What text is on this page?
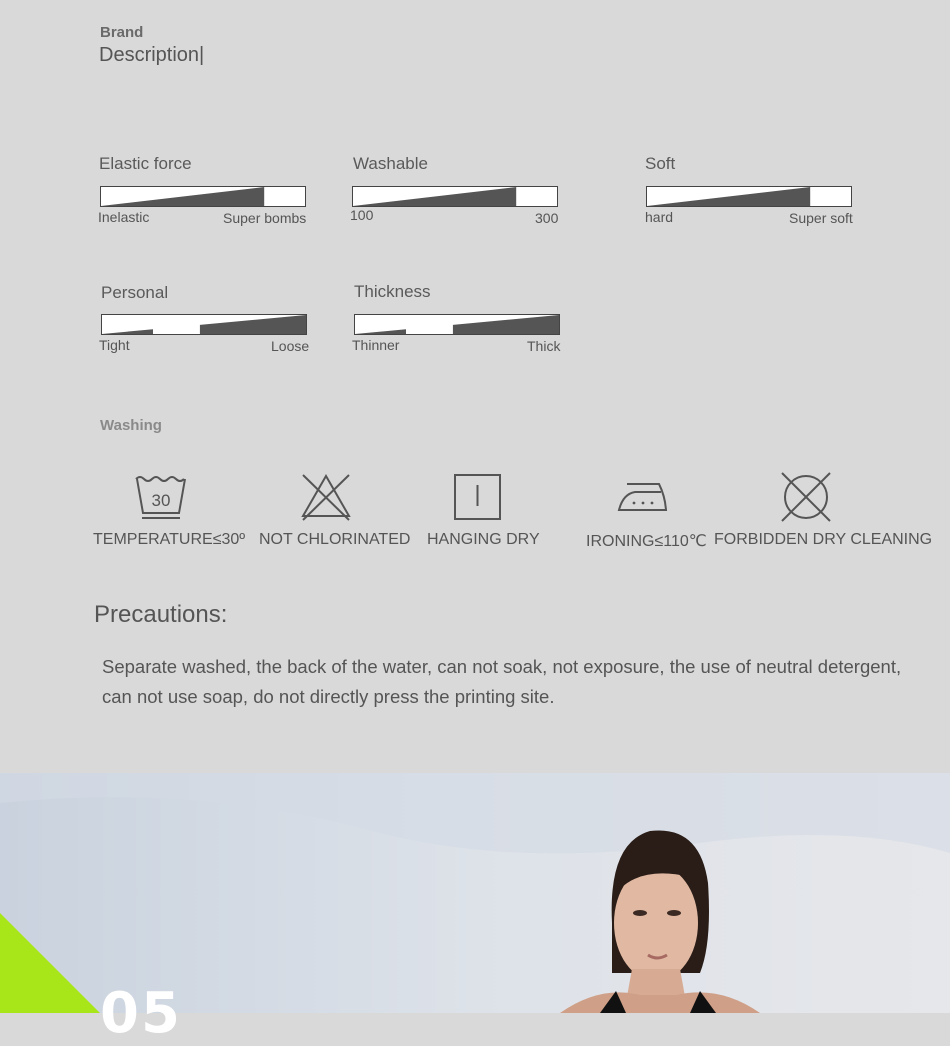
Brand
Description|
Elastic force
Inelastic	Super bombs
Washable
100	300
Soft
hard	Super soft
Personal
Tight	Loose
Thickness
Thinner	Thick
Washing
30
TEMPERATURE≤30º NOT CHLORINATED HANGING DRY	IRONING≤110℃ FORBIDDEN DRY CLEANING
Precautions:
Separate washed, the back of the water, can not soak, not exposure, the use of neutral detergent, can not use soap, do not directly press the printing site.
05
